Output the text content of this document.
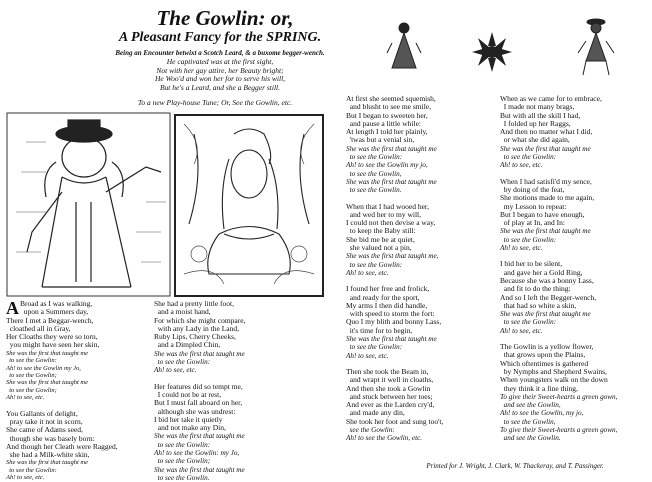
The Gowlin: or,
A Pleasant Fancy for the SPRING.
Being an Encounter betwixt a Scotch Leard, & a buxome begger-wench.
He captivated was at the first sight,
Not with her gay attire, her Beauty bright;
He Woo'd and won her for to serve his will,
But he's a Leard, and she a Begger still.
To a new Play-house Tune; Or, See the Gowlin, etc.
A Broad as I was walking,
upon a Summers day,
There I met a Beggar-wench,
cloathed all in Gray,
Her Cloaths they were so torn,
you might have seen her skin,
She was the first that taught me
to see the Gowlin:
Ah! to see the Gowlin my Jo,
to see the Gowlin;
She was the first that taught me
to see the Gowlin;
Ah! to see, etc.
You Gallants of delight,
pray take it not in scorn,
She came of Adams seed,
though she was basely born:
And though her Cleath were Ragged,
she had a Milk-white skin,
She was the first that taught me
to see the Gowlin:
Ah! to see, etc.
She had a pretty little foot,
and a moist hand,
For which she might compare,
with any Lady in the Land,
Ruby Lips, Cherry Cheeks,
and a Dimpled Chin,
She was the first that taught me
to see the Gowlin:
Ah! to see, etc.
Her features did so tempt me,
I could not be at rest,
But I must fall aboard on her,
although she was undrest:
I bid her take it quietly
and not make any Din,
She was the first that taught me
to see the Gowlin:
Ah! to see the Gowlin: my Jo,
to see the Gowlin;
She was the first that taught me
to see the Gowlin.
At first she seemed squemish,
and blusht to see me smile,
But I began to sweeten her,
and pause a little while:
At length I told her plainly,
'twas but a venial sin,
She was the first that taught me
to see the Gowlin:
Ah! to see the Gowlin my jo,
to see the Gowlin,
She was the first that taught me
to see the Gowlin.
When that I had wooed her,
and wed her to my will,
I could not then devise a way,
to keep the Baby still:
She bid me be at quiet,
she valued not a pin,
She was the first that taught me,
to see the Gowlin:
Ah! to see, etc.
I found her free and frolick,
and ready for the sport,
My arms I then did handle,
with speed to storm the fort:
Quo I my blith and bonny Lass,
it's time for to begin,
She was the first that taught me
to see the Gowlin:
Ah! to see, etc.
Then she took the Beam in,
and wrapt it well in cloaths,
And then she took a Gowlin
and stuck between her toes;
And ever as the Larden cry'd,
and made any din,
She took her foot and sung too't,
see the Gowlin:
Ah! to see the Gowlin, etc.
When as we came for to embrace,
I made not many brags,
But with all the skill I had,
I folded up her Raggs,
And then no matter what I did,
or what she did again,
She was the first that taught me
to see the Gowlin:
Ah! to see, etc.
When I had satisfi'd my sence,
by doing of the feat,
She motions made to me again,
my Lesson to repeat:
But I began to have enough,
of play at In, and In:
She was the first that taught me
to see the Gowlin:
Ah! to see, etc.
I bid her to be silent,
and gave her a Gold Ring,
Because she was a bonny Lass,
and fit to do the thing:
And so I left the Begger-wench,
that had so white a skin,
She was the first that taught me
to see the Gowlin:
Ah! to see, etc.
The Gowlin is a yellow flower,
that grows upon the Plains,
Which oftentimes is gathered
by Nymphs and Shepherd Swains,
When youngsters walk on the down
they think it a fine thing,
To give their Sweet-hearts a green gown,
and see the Gowlin,
Ah! to see the Gowlin, my jo,
to see the Gowlin,
To give their Sweet-hearts a green gown,
and see the Gowlin.
Printed for J. Wright, J. Clark, W. Thackeray, and T. Passinger.
